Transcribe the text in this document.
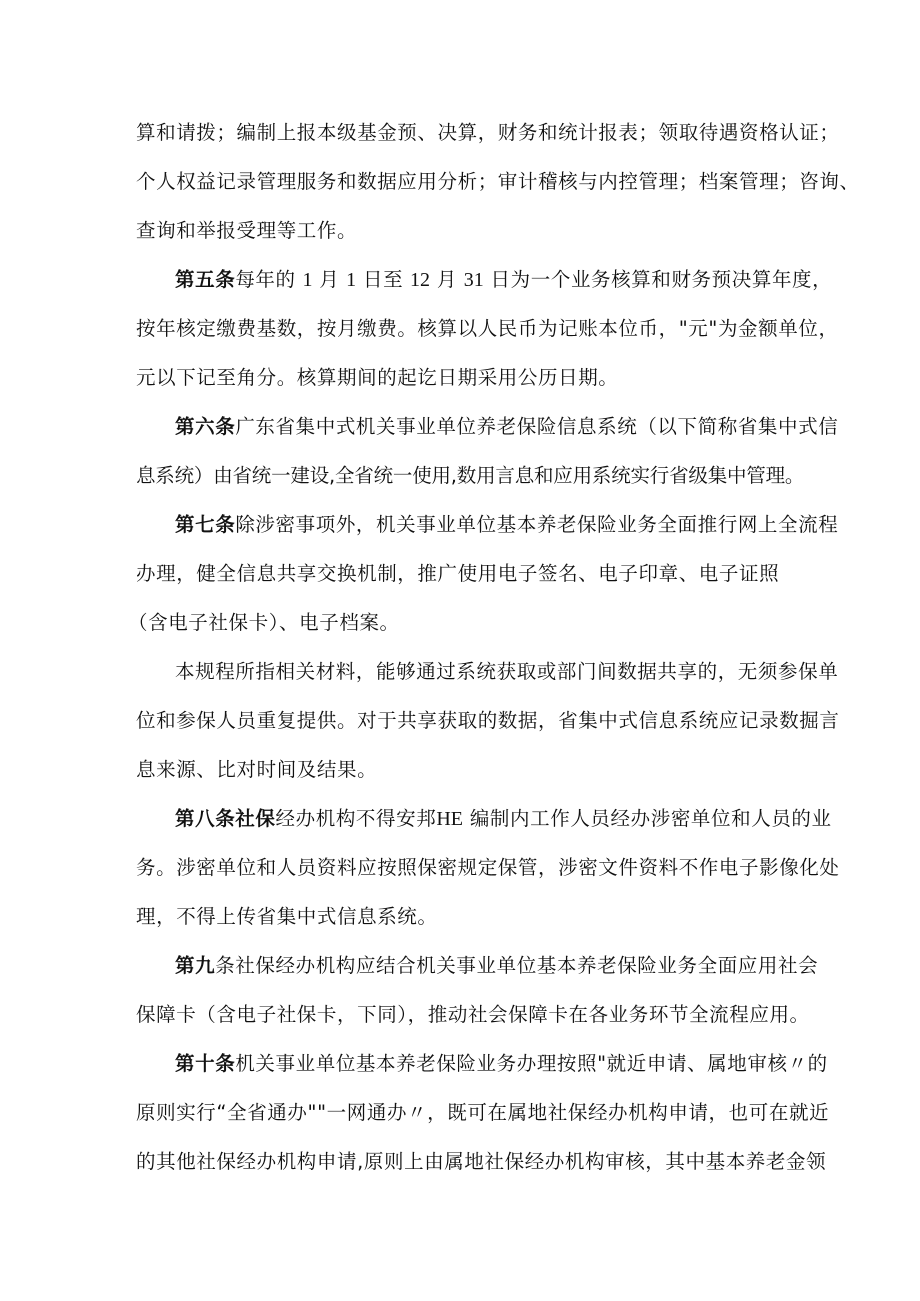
算和请拨；编制上报本级基金预、决算，财务和统计报表；领取待遇资格认证；
个人权益记录管理服务和数据应用分析；审计稽核与内控管理；档案管理；咨询、
查询和举报受理等工作。
第五条每年的 1 月 1 日至 12 月 31 日为一个业务核算和财务预决算年度，
按年核定缴费基数，按月缴费。核算以人民币为记账本位币，"元"为金额单位，
元以下记至角分。核算期间的起讫日期采用公历日期。
第六条广东省集中式机关事业单位养老保险信息系统（以下简称省集中式信
息系统）由省统一建设,全省统一使用,数用言息和应用系统实行省级集中管理。
第七条除涉密事项外，机关事业单位基本养老保险业务全面推行网上全流程
办理，健全信息共享交换机制，推广使用电子签名、电子印章、电子证照
（含电子社保卡）、电子档案。
本规程所指相关材料，能够通过系统获取或部门间数据共享的，无须参保单
位和参保人员重复提供。对于共享获取的数据，省集中式信息系统应记录数掘言
息来源、比对时间及结果。
第八条社保经办机构不得安邦HE 编制内工作人员经办涉密单位和人员的业
务。涉密单位和人员资料应按照保密规定保管，涉密文件资料不作电子影像化处
理，不得上传省集中式信息系统。
第九条社保经办机构应结合机关事业单位基本养老保险业务全面应用社会
保障卡（含电子社保卡，下同），推动社会保障卡在各业务环节全流程应用。
第十条机关事业单位基本养老保险业务办理按照"就近申请、属地审核〃的
原则实行“全省通办""一网通办〃，既可在属地社保经办机构申请，也可在就近
的其他社保经办机构申请,原则上由属地社保经办机构审核，其中基本养老金领
